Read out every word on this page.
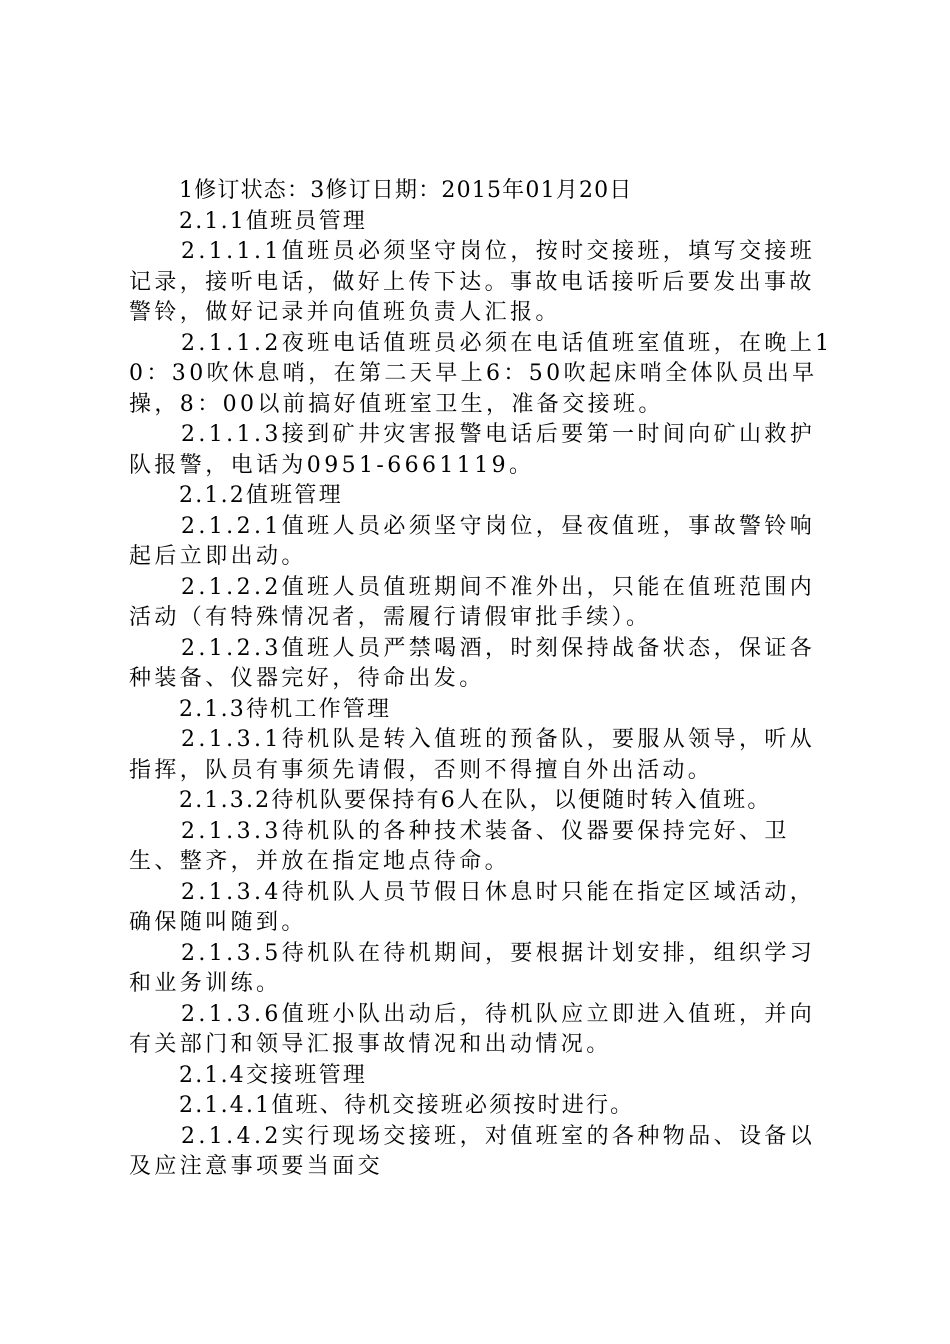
1修订状态：3修订日期：2015年01月20日

2.1.1值班员管理

2.1.1.1值班员必须坚守岗位，按时交接班，填写交接班记录，接听电话，做好上传下达。事故电话接听后要发出事故警铃，做好记录并向值班负责人汇报。

2.1.1.2夜班电话值班员必须在电话值班室值班，在晚上10：30吹休息哨，在第二天早上6：50吹起床哨全体队员出早操，8：00以前搞好值班室卫生，准备交接班。

2.1.1.3接到矿井灾害报警电话后要第一时间向矿山救护队报警，电话为0951-6661119。

2.1.2值班管理

2.1.2.1值班人员必须坚守岗位，昼夜值班，事故警铃响起后立即出动。

2.1.2.2值班人员值班期间不准外出，只能在值班范围内活动（有特殊情况者，需履行请假审批手续）。

2.1.2.3值班人员严禁喝酒，时刻保持战备状态，保证各种装备、仪器完好，待命出发。

2.1.3待机工作管理

2.1.3.1待机队是转入值班的预备队，要服从领导，听从指挥，队员有事须先请假，否则不得擅自外出活动。

2.1.3.2待机队要保持有6人在队，以便随时转入值班。

2.1.3.3待机队的各种技术装备、仪器要保持完好、卫生、整齐，并放在指定地点待命。

2.1.3.4待机队人员节假日休息时只能在指定区域活动，确保随叫随到。

2.1.3.5待机队在待机期间，要根据计划安排，组织学习和业务训练。

2.1.3.6值班小队出动后，待机队应立即进入值班，并向有关部门和领导汇报事故情况和出动情况。

2.1.4交接班管理

2.1.4.1值班、待机交接班必须按时进行。

2.1.4.2实行现场交接班，对值班室的各种物品、设备以及应注意事项要当面交
